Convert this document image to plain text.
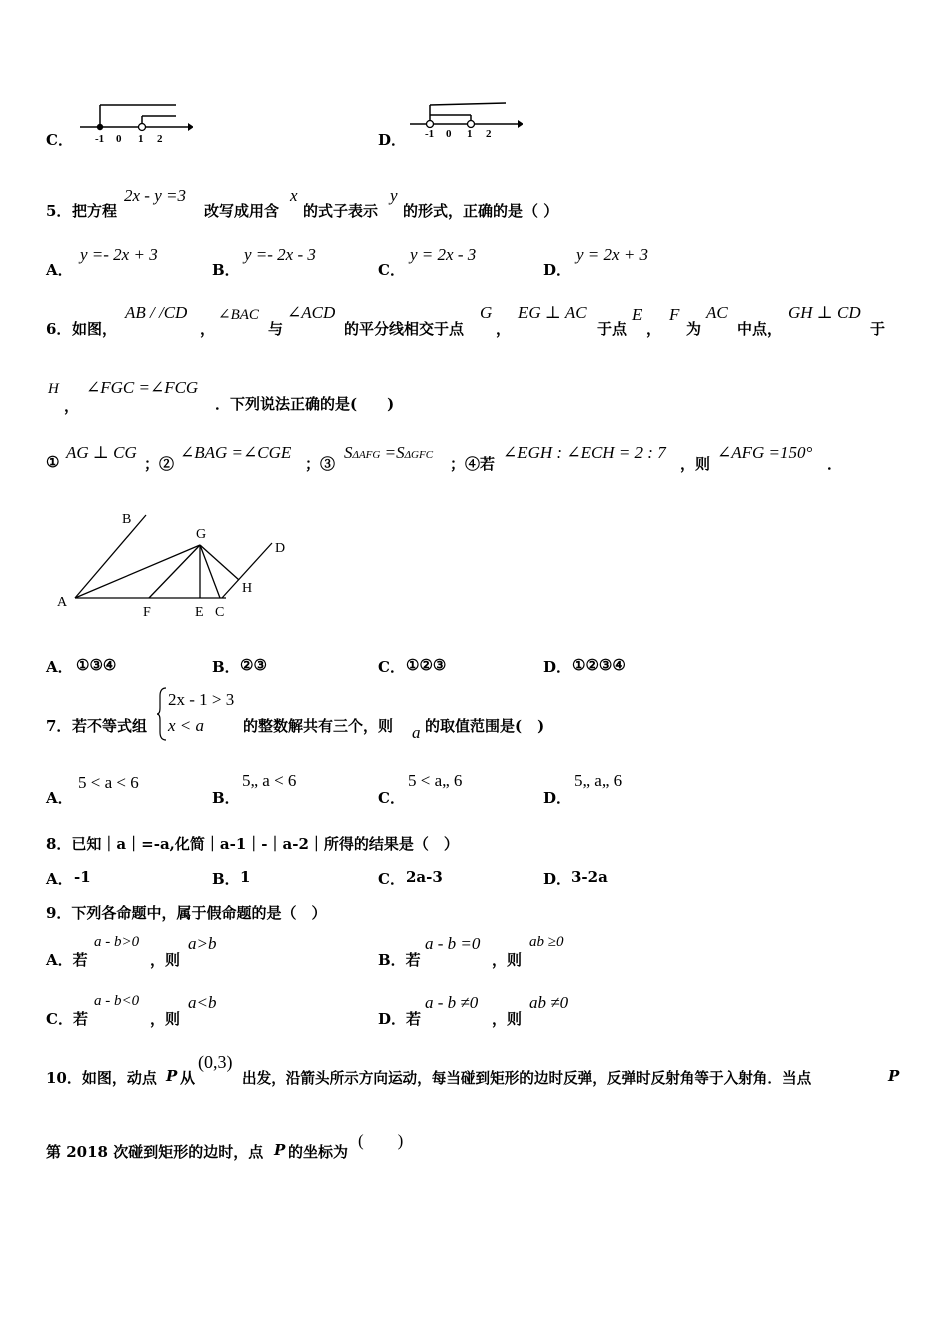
C． -1 0 1 2	D． -1 0 1 2
5． 把方程
2x - y =3
改写成用含
x
的式子表示
y
的形式，正确的是（ ）
A．
y =- 2x + 3
B．
y =- 2x - 3
C．
y = 2x - 3
D．
y = 2x + 3
6． 如图，
AB / /CD
，
∠BAC
与
∠ACD
的平分线相交于点
G
，
EG ⊥ AC
于点
E
，
F
为
AC
中点，
GH ⊥ CD
于
H
，
∠FGC =∠FCG
．下列说法正确的是(　　)
① AG ⊥ CG
；②
∠BAG =∠CGE
；③
SΔAFG =SΔGFC ；④若
∠EGH : ∠ECH = 2 : 7
，则
∠AFG =150°
．
B
G
D
H
A
F	E C
A． ①③④	B． ②③	C． ①②③	D． ①②③④
7． 若不等式组
2x - 1 > 3
x < a	的整数解共有三个，则 a 的取值范围是(　)
A．
5 < a < 6
B．
5„ a < 6
C．
5 < a„ 6
D．
5„ a„ 6
8．已知｜a｜=-a,化简｜a-1｜-｜a-2｜所得的结果是（　）
A． -1	B． 1	C． 2a-3	D． 3-2a
9．下列各命题中，属于假命题的是（　）
A．若
a - b>0
，则
a>b
B．若
a - b =0
，则
ab ≥0
C．若
a - b<0
，则
a<b
D．若
a - b ≠0
，则
ab ≠0
10．如图，动点 P 从
(0,3)
出发，沿箭头所示方向运动，每当碰到矩形的边时反弹，反弹时反射角等于入射角．当点	P
第 2018 次碰到矩形的边时，点 P 的坐标为
(　　)
